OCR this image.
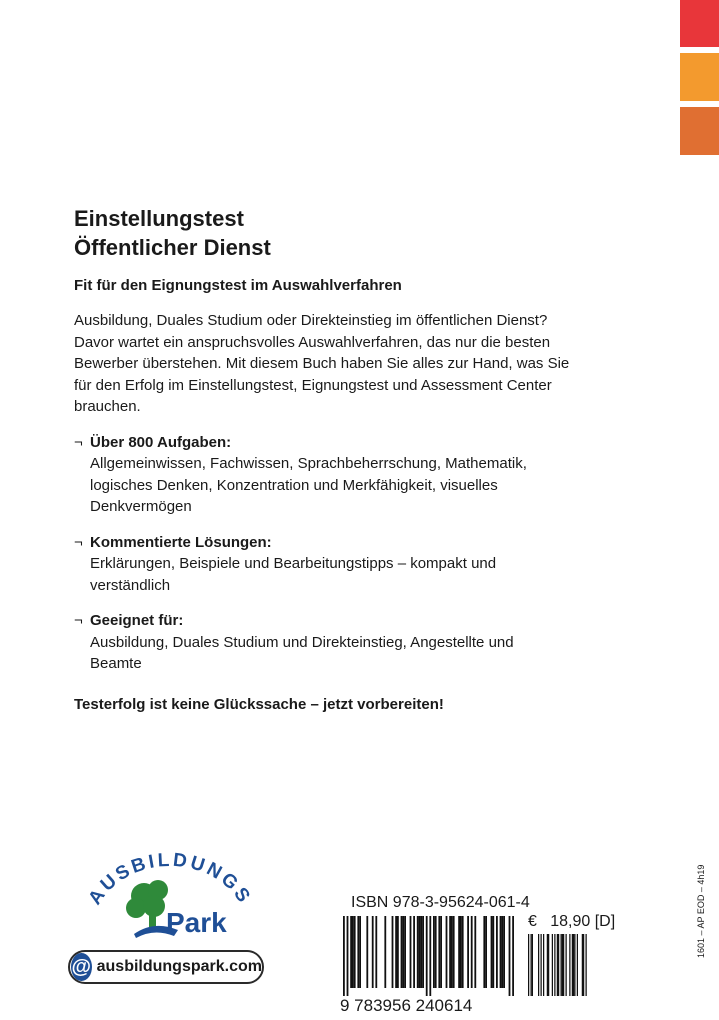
Einstellungstest
Öffentlicher Dienst

Fit für den Eignungstest im Auswahlverfahren

Ausbildung, Duales Studium oder Direkteinstieg im öffentlichen Dienst? Davor wartet ein anspruchsvolles Auswahlverfahren, das nur die besten Bewerber überstehen. Mit diesem Buch haben Sie alles zur Hand, was Sie für den Erfolg im Einstellungstest, Eignungstest und Assessment Center brauchen.

¬ Über 800 Aufgaben:
Allgemeinwissen, Fachwissen, Sprachbeherrschung, Mathematik, logisches Denken, Konzentration und Merkfähigkeit, visuelles Denkvermögen
¬ Kommentierte Lösungen:
Erklärungen, Beispiele und Bearbeitungstipps – kompakt und verständlich
¬ Geeignet für:
Ausbildung, Duales Studium und Direkteinstieg, Angestellte und Beamte

Testerfolg ist keine Glückssache – jetzt vorbereiten!

AUSBILDUNGS
Park
@ ausbildungspark.com
ISBN 978-3-95624-061-4
€ 18,90 [D]
9 783956 240614
1601 – AP EOD – 4h19
